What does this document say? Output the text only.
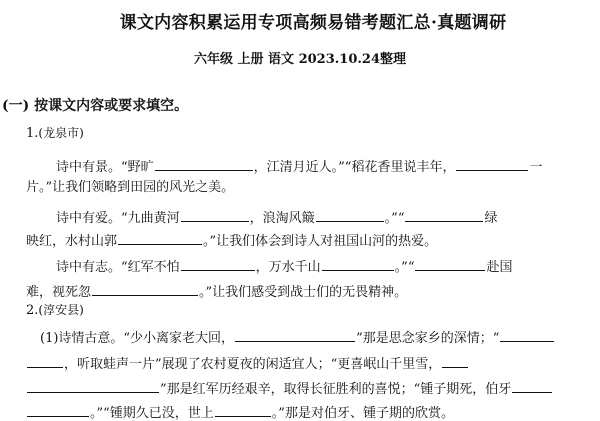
课文内容积累运用专项高频易错考题汇总·真题调研
六年级 上册 语文 2023.10.24整理
(一) 按课文内容或要求填空。
1.(龙泉市)
诗中有景。“野旷	，江清月近人。”“稻花香里说丰年，	一
片。”让我们领略到田园的风光之美。
诗中有爱。“九曲黄河	，浪淘风簸	。”“	绿
映红，水村山郭	。”让我们体会到诗人对祖国山河的热爱。
诗中有志。“红军不怕	，万水千山	。”“	赴国
难，视死忽	。”让我们感受到战士们的无畏精神。
2.(淳安县)
(1)诗情古意。“少小离家老大回，	”那是思念家乡的深情；“
，听取蛙声一片”展现了农村夏夜的闲适宜人；“更喜岷山千里雪，
”那是红军历经艰辛，取得长征胜利的喜悦；“锺子期死，伯牙
。”“锺期久已没，世上	。”那是对伯牙、锺子期的欣赏。
